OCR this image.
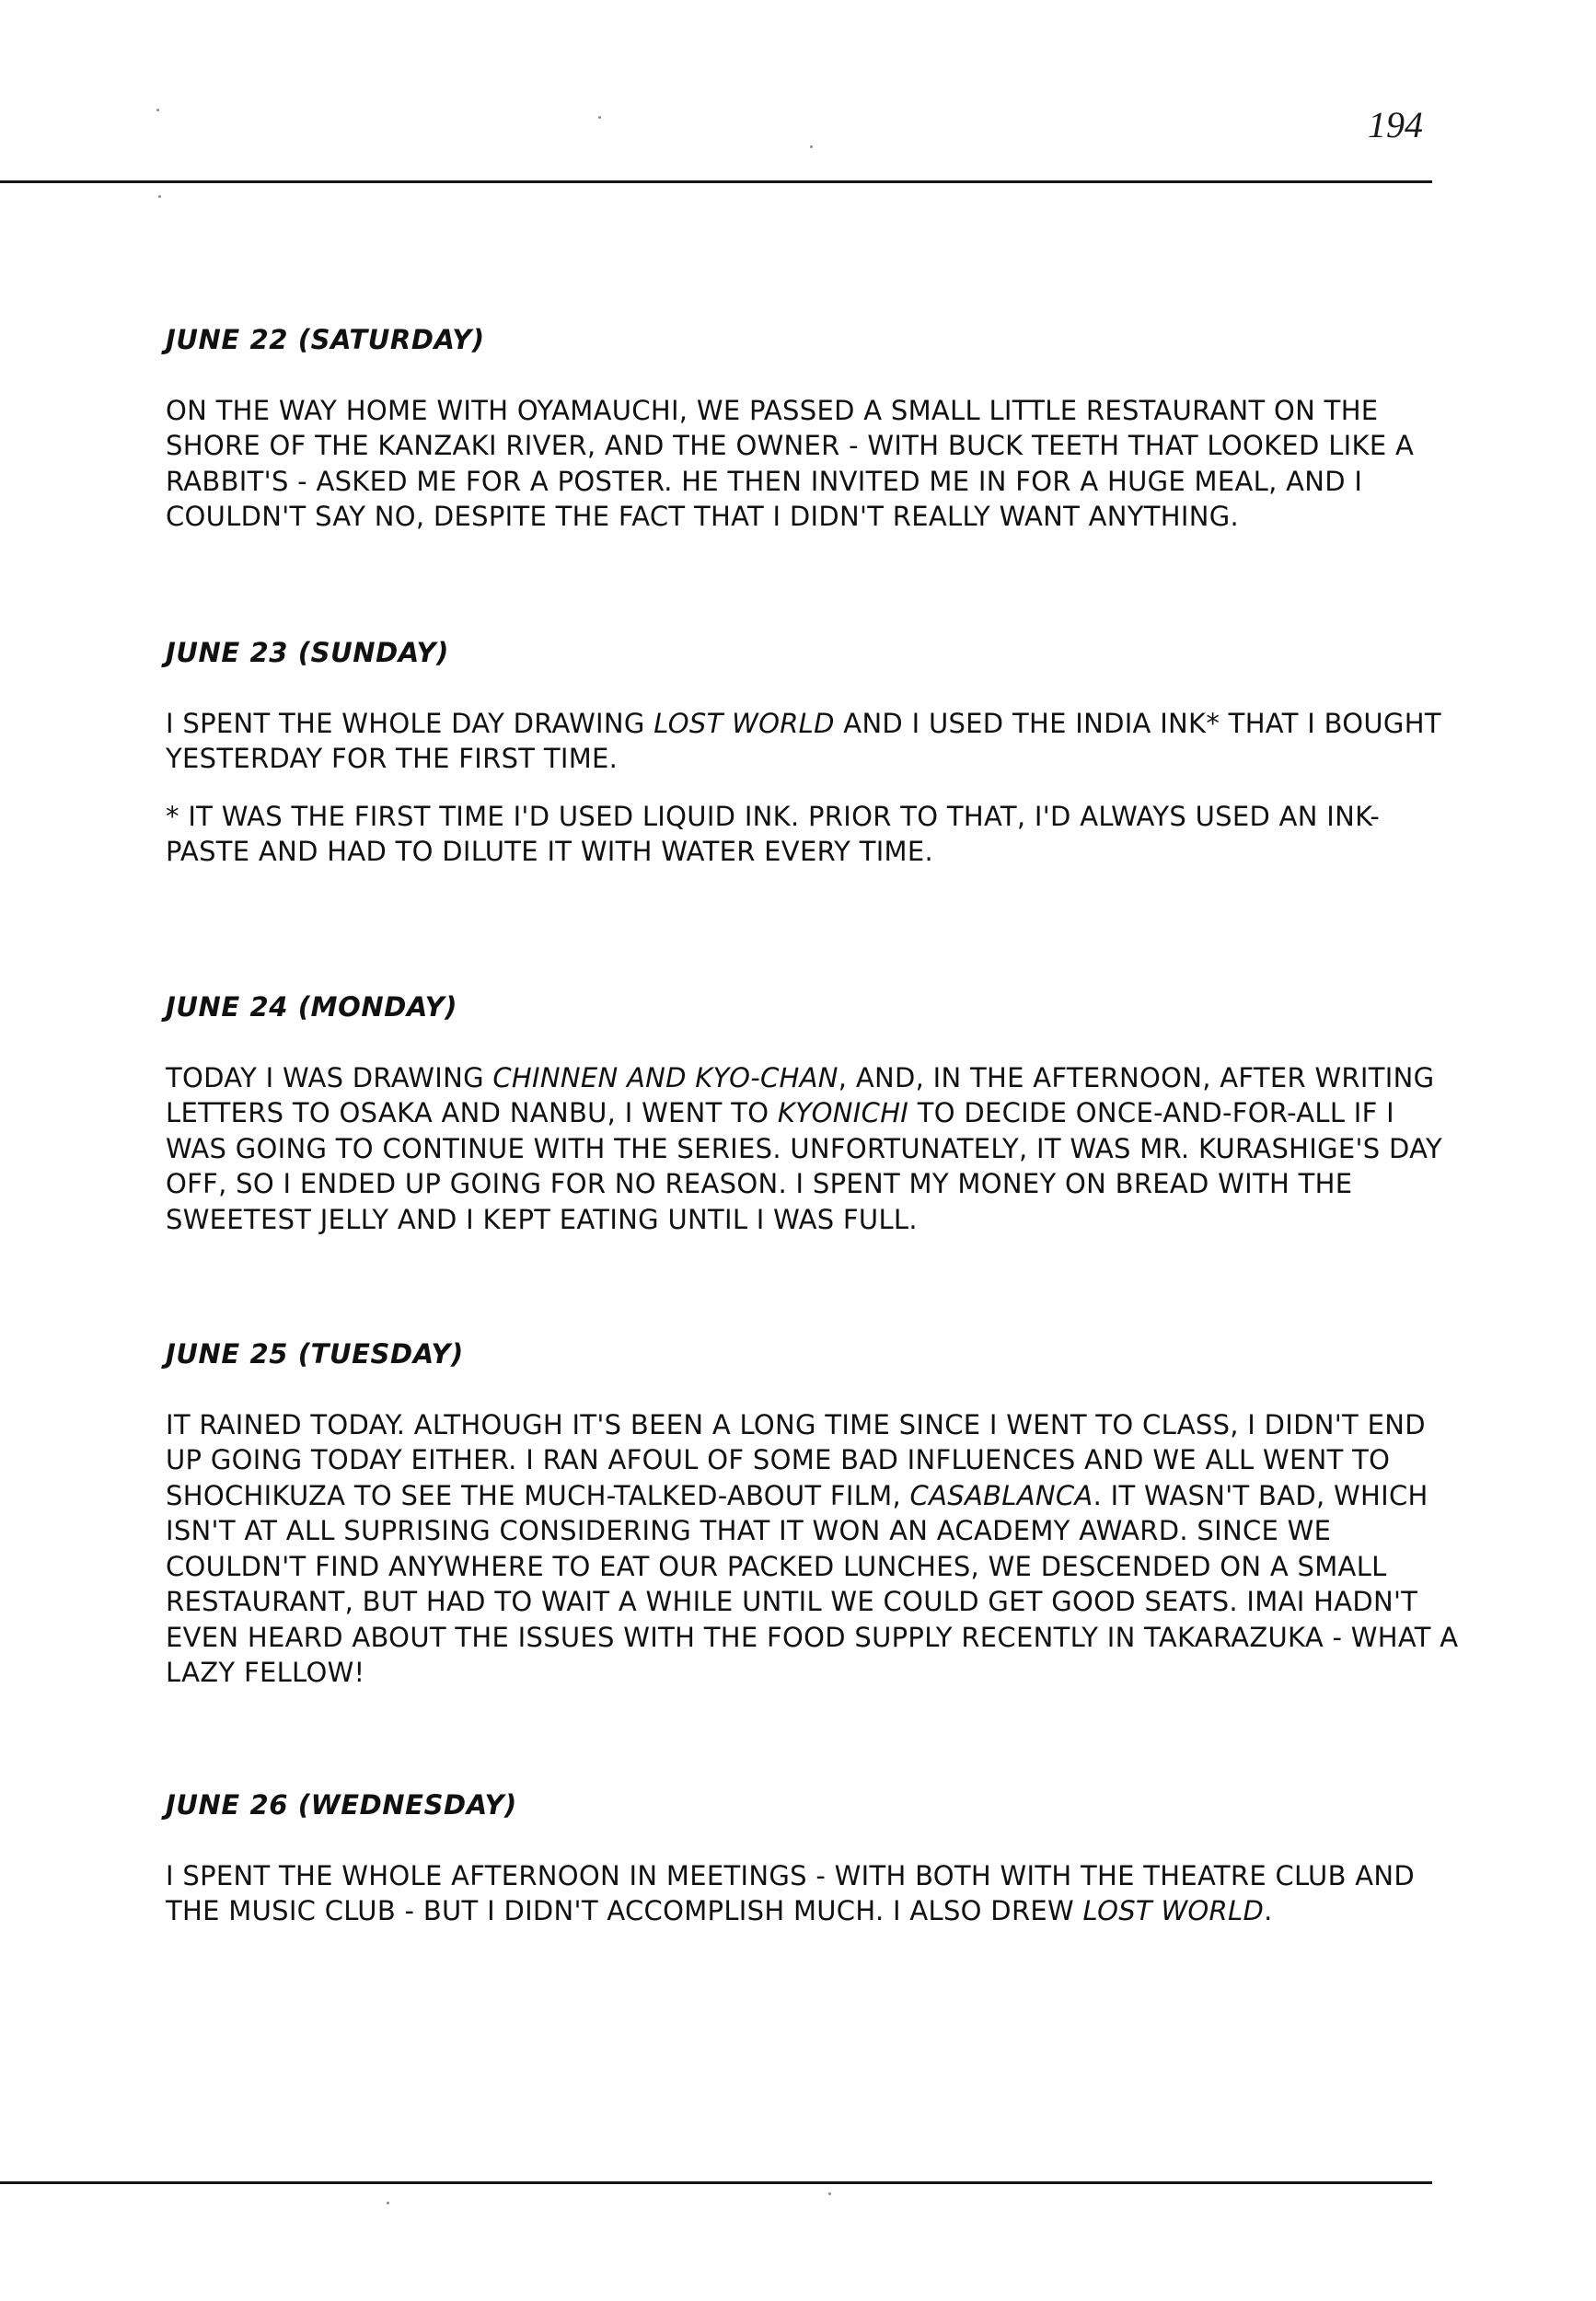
194

JUNE 22 (SATURDAY)

ON THE WAY HOME WITH OYAMAUCHI, WE PASSED A SMALL LITTLE RESTAURANT ON THE SHORE OF THE KANZAKI RIVER, AND THE OWNER - WITH BUCK TEETH THAT LOOKED LIKE A RABBIT'S - ASKED ME FOR A POSTER. HE THEN INVITED ME IN FOR A HUGE MEAL, AND I COULDN'T SAY NO, DESPITE THE FACT THAT I DIDN'T REALLY WANT ANYTHING.

JUNE 23 (SUNDAY)

I SPENT THE WHOLE DAY DRAWING LOST WORLD AND I USED THE INDIA INK* THAT I BOUGHT YESTERDAY FOR THE FIRST TIME.

* IT WAS THE FIRST TIME I'D USED LIQUID INK. PRIOR TO THAT, I'D ALWAYS USED AN INK-PASTE AND HAD TO DILUTE IT WITH WATER EVERY TIME.

JUNE 24 (MONDAY)

TODAY I WAS DRAWING CHINNEN AND KYO-CHAN, AND, IN THE AFTERNOON, AFTER WRITING LETTERS TO OSAKA AND NANBU, I WENT TO KYONICHI TO DECIDE ONCE-AND-FOR-ALL IF I WAS GOING TO CONTINUE WITH THE SERIES. UNFORTUNATELY, IT WAS MR. KURASHIGE'S DAY OFF, SO I ENDED UP GOING FOR NO REASON. I SPENT MY MONEY ON BREAD WITH THE SWEETEST JELLY AND I KEPT EATING UNTIL I WAS FULL.

JUNE 25 (TUESDAY)

IT RAINED TODAY. ALTHOUGH IT'S BEEN A LONG TIME SINCE I WENT TO CLASS, I DIDN'T END UP GOING TODAY EITHER. I RAN AFOUL OF SOME BAD INFLUENCES AND WE ALL WENT TO SHOCHIKUZA TO SEE THE MUCH-TALKED-ABOUT FILM, CASABLANCA. IT WASN'T BAD, WHICH ISN'T AT ALL SUPRISING CONSIDERING THAT IT WON AN ACADEMY AWARD. SINCE WE COULDN'T FIND ANYWHERE TO EAT OUR PACKED LUNCHES, WE DESCENDED ON A SMALL RESTAURANT, BUT HAD TO WAIT A WHILE UNTIL WE COULD GET GOOD SEATS. IMAI HADN'T EVEN HEARD ABOUT THE ISSUES WITH THE FOOD SUPPLY RECENTLY IN TAKARAZUKA - WHAT A LAZY FELLOW!

JUNE 26 (WEDNESDAY)

I SPENT THE WHOLE AFTERNOON IN MEETINGS - WITH BOTH WITH THE THEATRE CLUB AND THE MUSIC CLUB - BUT I DIDN'T ACCOMPLISH MUCH. I ALSO DREW LOST WORLD.
